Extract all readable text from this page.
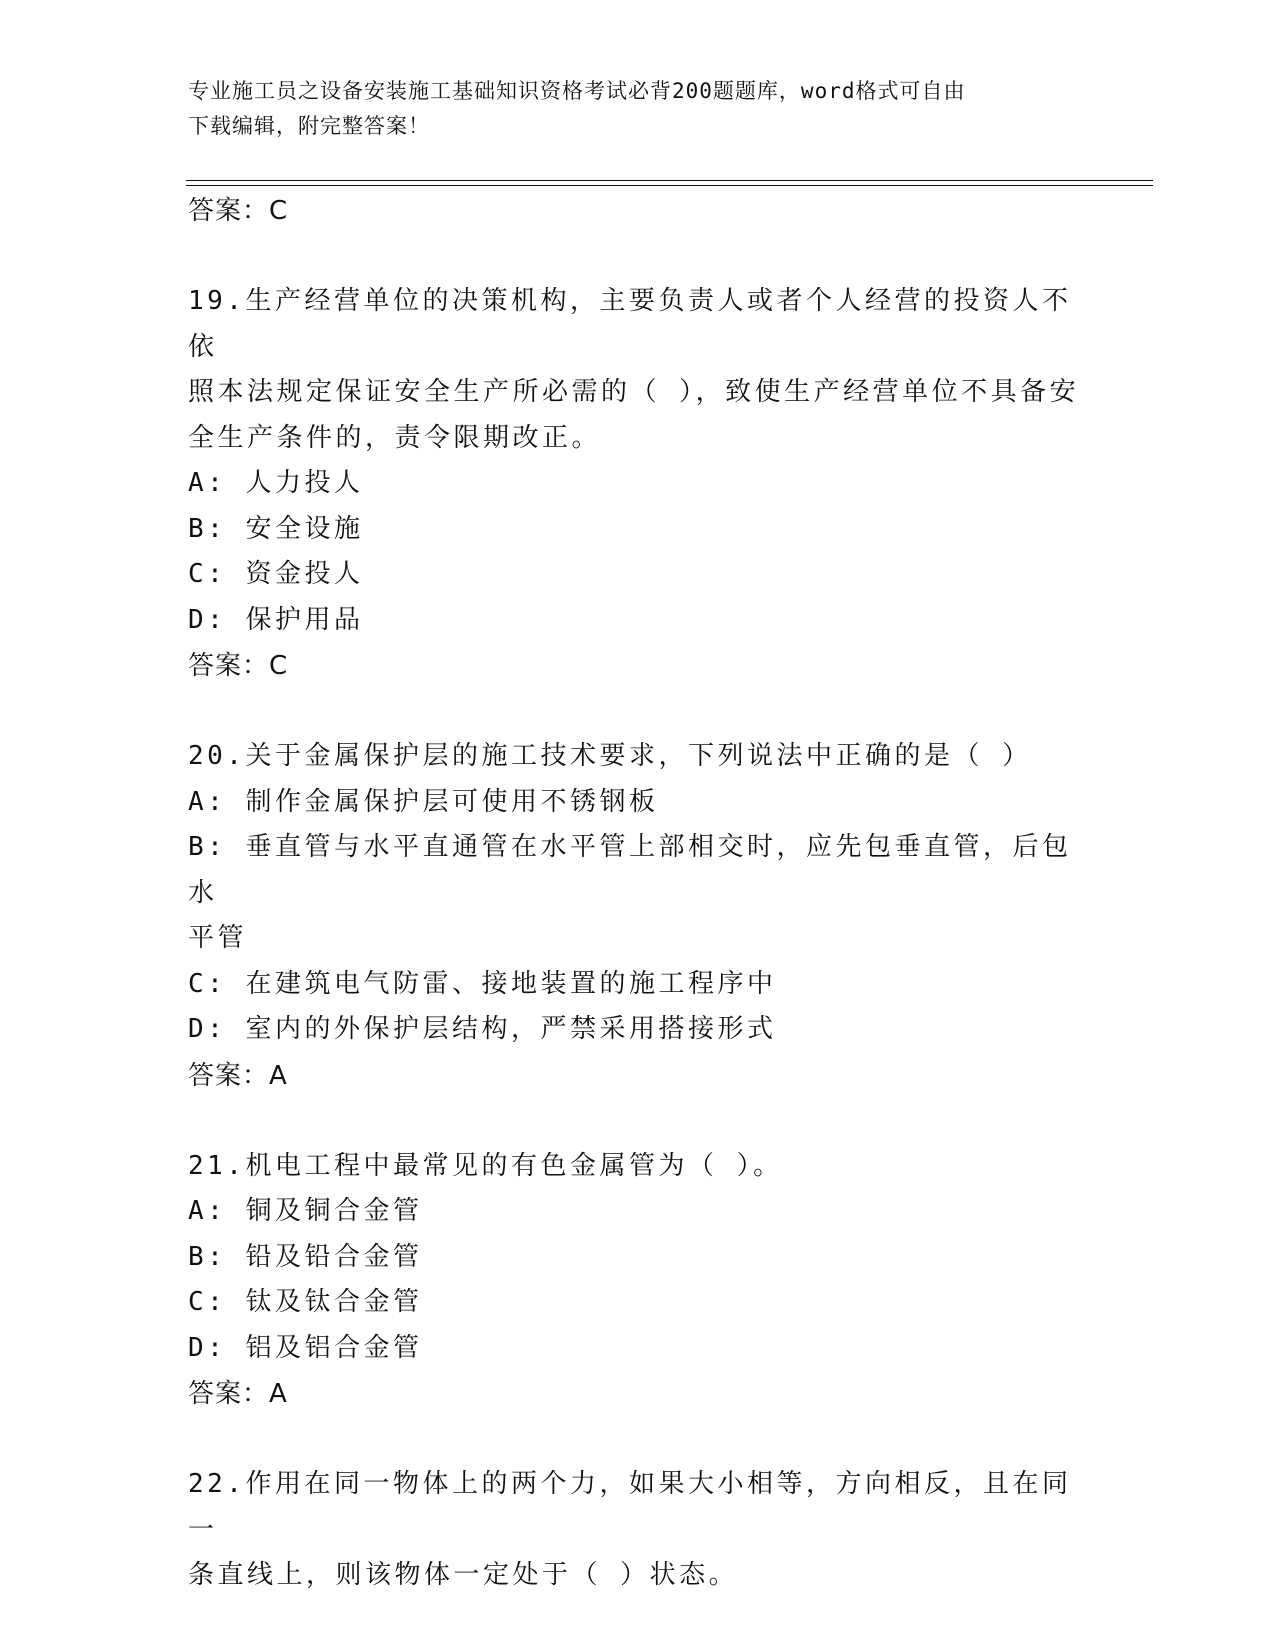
专业施工员之设备安装施工基础知识资格考试必背200题题库，word格式可自由
下载编辑，附完整答案！

答案：C

19.生产经营单位的决策机构，主要负责人或者个人经营的投资人不依

照本法规定保证安全生产所必需的（ ），致使生产经营单位不具备安

全生产条件的，责令限期改正。

A: 人力投人

B: 安全设施

C: 资金投人

D: 保护用品

答案：C

20.关于金属保护层的施工技术要求，下列说法中正确的是（ ）

A: 制作金属保护层可使用不锈钢板

B: 垂直管与水平直通管在水平管上部相交时，应先包垂直管，后包水

平管

C: 在建筑电气防雷、接地装置的施工程序中

D: 室内的外保护层结构，严禁采用搭接形式

答案：A

21.机电工程中最常见的有色金属管为（ ）。

A: 铜及铜合金管

B: 铅及铅合金管

C: 钛及钛合金管

D: 铝及铝合金管

答案：A

22.作用在同一物体上的两个力，如果大小相等，方向相反，且在同一

条直线上，则该物体一定处于（ ）状态。
